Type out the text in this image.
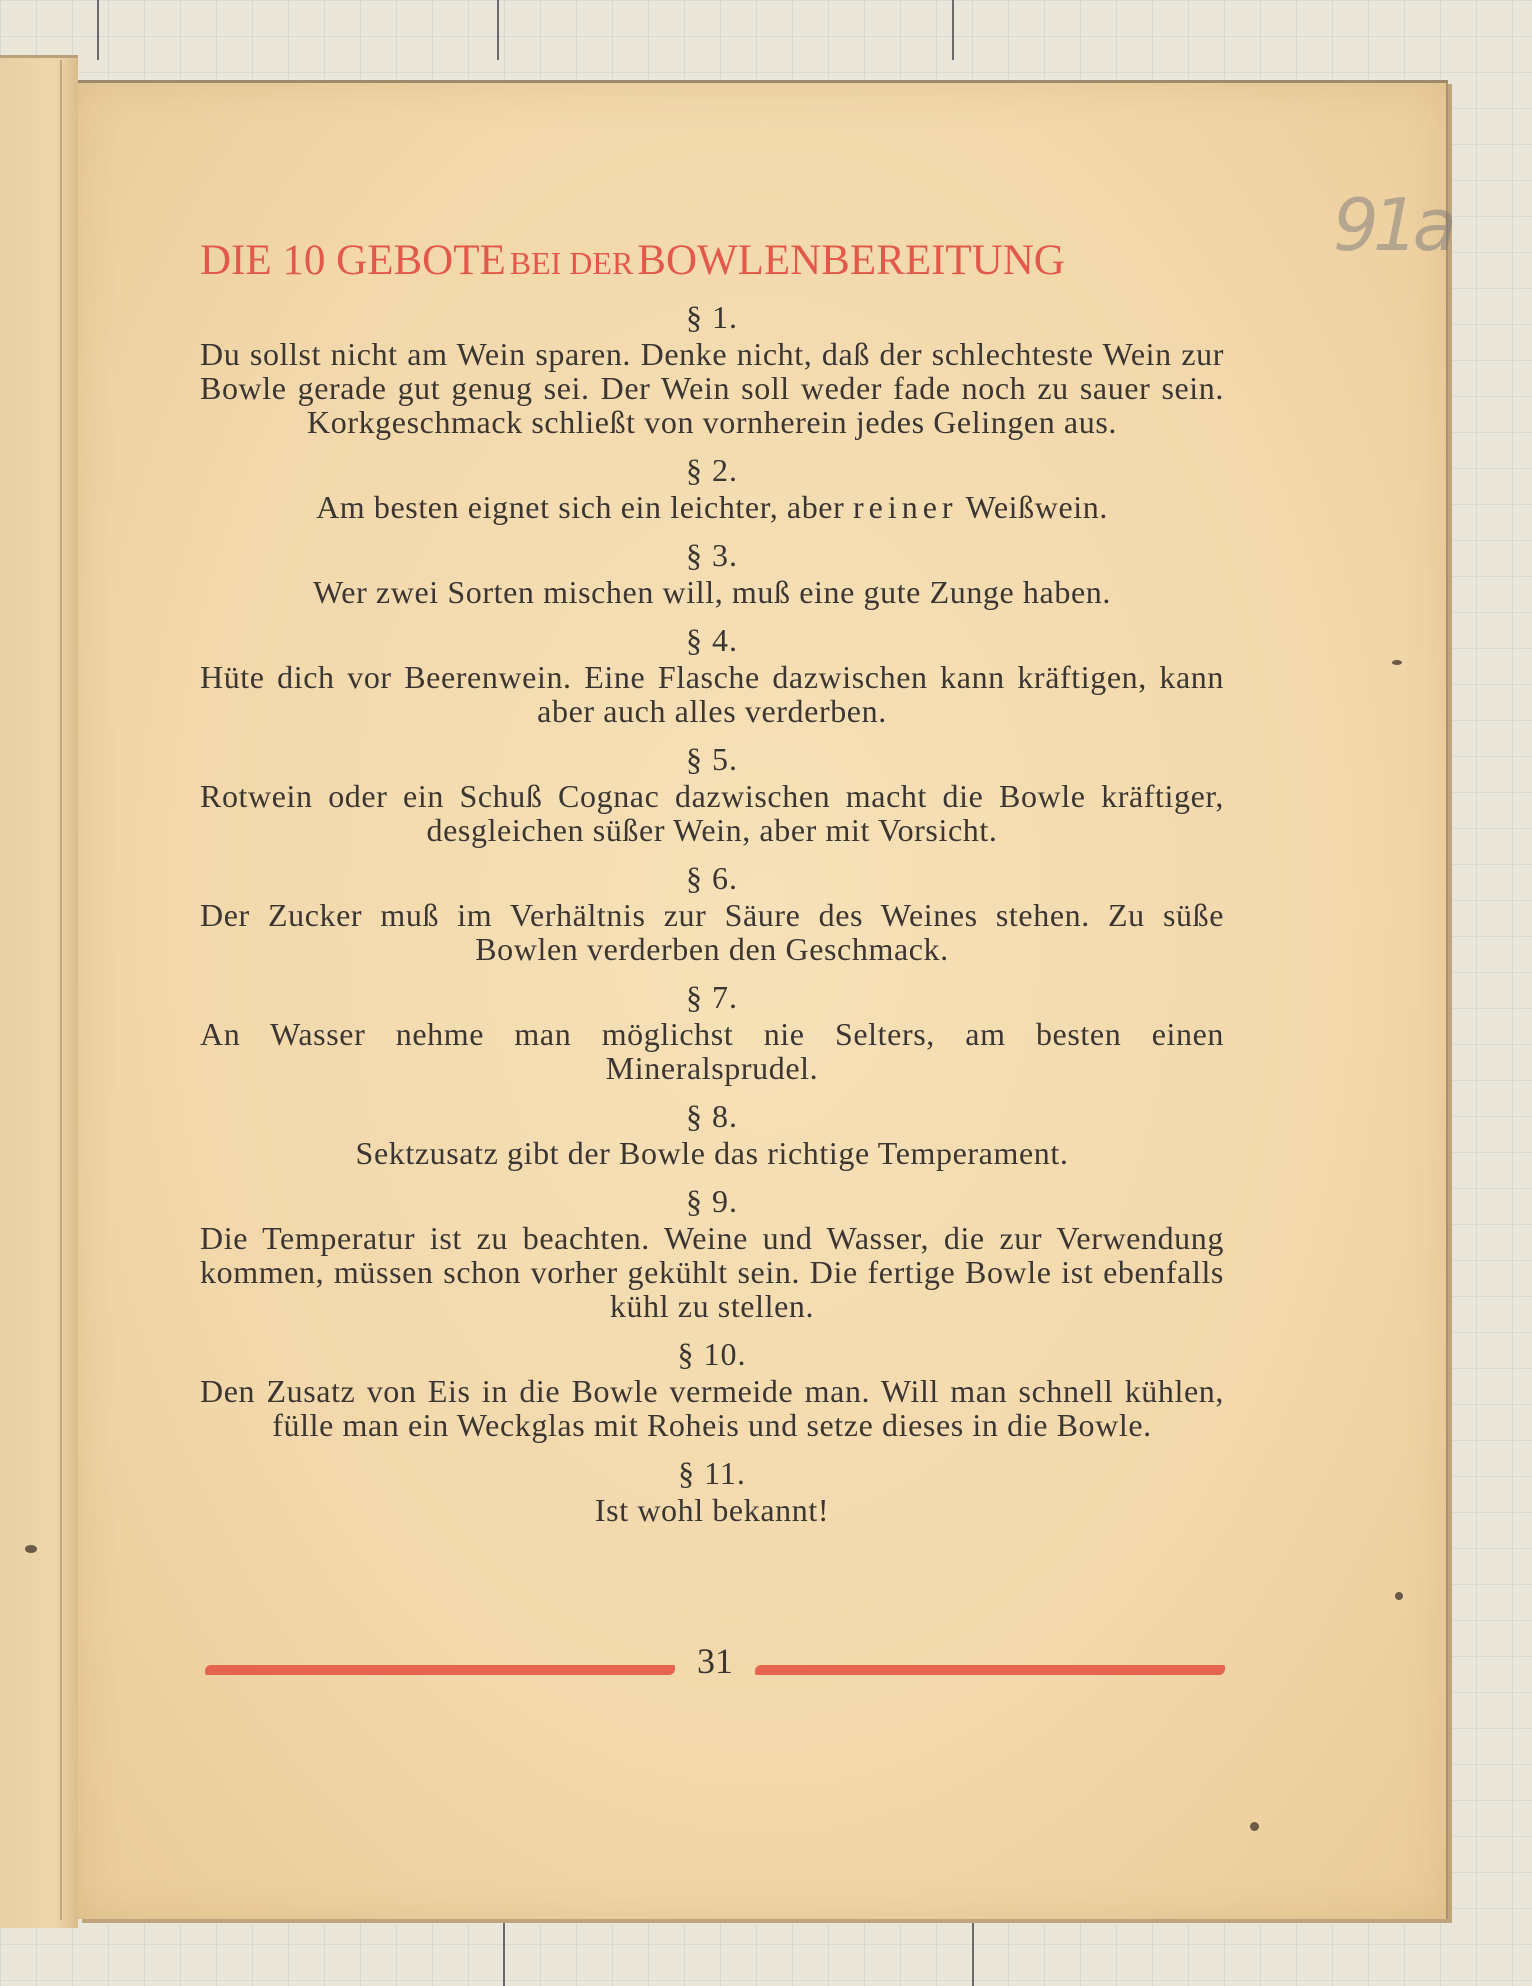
91a
DIE 10 GEBOTE BEI DER BOWLENBEREITUNG
§ 1.

Du sollst nicht am Wein sparen. Denke nicht, daß der schlechteste Wein zur Bowle gerade gut genug sei. Der Wein soll weder fade noch zu sauer sein. Korkgeschmack schließt von vornherein jedes Gelingen aus.

§ 2.

Am besten eignet sich ein leichter, aber reiner Weißwein.

§ 3.

Wer zwei Sorten mischen will, muß eine gute Zunge haben.

§ 4.

Hüte dich vor Beerenwein. Eine Flasche dazwischen kann kräftigen, kann aber auch alles verderben.

§ 5.

Rotwein oder ein Schuß Cognac dazwischen macht die Bowle kräftiger, desgleichen süßer Wein, aber mit Vorsicht.

§ 6.

Der Zucker muß im Verhältnis zur Säure des Weines stehen. Zu süße Bowlen verderben den Geschmack.

§ 7.

An Wasser nehme man möglichst nie Selters, am besten einen Mineralsprudel.

§ 8.

Sektzusatz gibt der Bowle das richtige Temperament.

§ 9.

Die Temperatur ist zu beachten. Weine und Wasser, die zur Verwendung kommen, müssen schon vorher gekühlt sein. Die fertige Bowle ist ebenfalls kühl zu stellen.

§ 10.

Den Zusatz von Eis in die Bowle vermeide man. Will man schnell kühlen, fülle man ein Weckglas mit Roheis und setze dieses in die Bowle.

§ 11.

Ist wohl bekannt!

31
